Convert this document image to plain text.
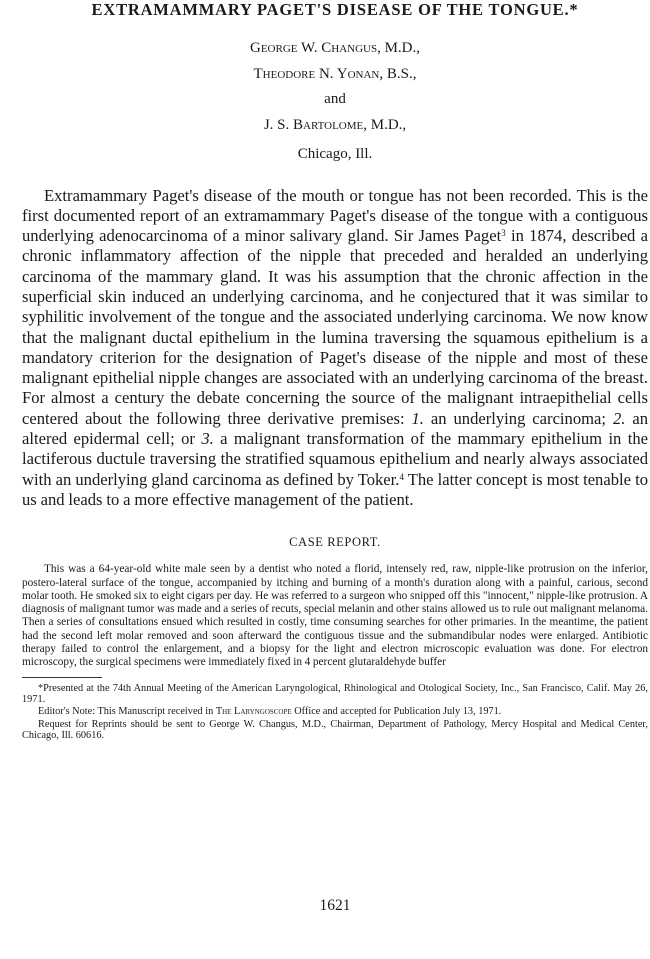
EXTRAMAMMARY PAGET'S DISEASE OF THE TONGUE.*
George W. Changus, M.D.,
Theodore N. Yonan, B.S.,
and
J. S. Bartolome, M.D.,
Chicago, Ill.

Extramammary Paget's disease of the mouth or tongue has not been recorded. This is the first documented report of an extramammary Paget's disease of the tongue with a contiguous underlying adenocarcinoma of a minor salivary gland. Sir James Paget$^3$ in 1874, described a chronic inflammatory affection of the nipple that preceded and heralded an underlying carcinoma of the mammary gland. It was his assumption that the chronic affection in the superficial skin induced an underlying carcinoma, and he conjectured that it was similar to syphilitic involvement of the tongue and the associated underlying carcinoma. We now know that the malignant ductal epithelium in the lumina traversing the squamous epithelium is a mandatory criterion for the designation of Paget's disease of the nipple and most of these malignant epithelial nipple changes are associated with an underlying carcinoma of the breast. For almost a century the debate concerning the source of the malignant intraepithelial cells centered about the following three derivative premises: 1. an underlying carcinoma; 2. an altered epidermal cell; or 3. a malignant transformation of the mammary epithelium in the lactiferous ductule traversing the stratified squamous epithelium and nearly always associated with an underlying gland carcinoma as defined by Toker.$^4$ The latter concept is most tenable to us and leads to a more effective management of the patient.

CASE REPORT.

This was a 64-year-old white male seen by a dentist who noted a florid, intensely red, raw, nipple-like protrusion on the inferior, postero-lateral surface of the tongue, accompanied by itching and burning of a month's duration along with a painful, carious, second molar tooth. He smoked six to eight cigars per day. He was referred to a surgeon who snipped off this "innocent," nipple-like protrusion. A diagnosis of malignant tumor was made and a series of recuts, special melanin and other stains allowed us to rule out malignant melanoma. Then a series of consultations ensued which resulted in costly, time consuming searches for other primaries. In the meantime, the patient had the second left molar removed and soon afterward the contiguous tissue and the submandibular nodes were enlarged. Antibiotic therapy failed to control the enlargement, and a biopsy for the light and electron microscopic evaluation was done. For electron microscopy, the surgical specimens were immediately fixed in 4 percent glutaraldehyde buffer

*Presented at the 74th Annual Meeting of the American Laryngological, Rhinological and Otological Society, Inc., San Francisco, Calif. May 26, 1971.

Editor's Note: This Manuscript received in The Laryngoscope Office and accepted for Publication July 13, 1971.

Request for Reprints should be sent to George W. Changus, M.D., Chairman, Department of Pathology, Mercy Hospital and Medical Center, Chicago, Ill. 60616.

1621
